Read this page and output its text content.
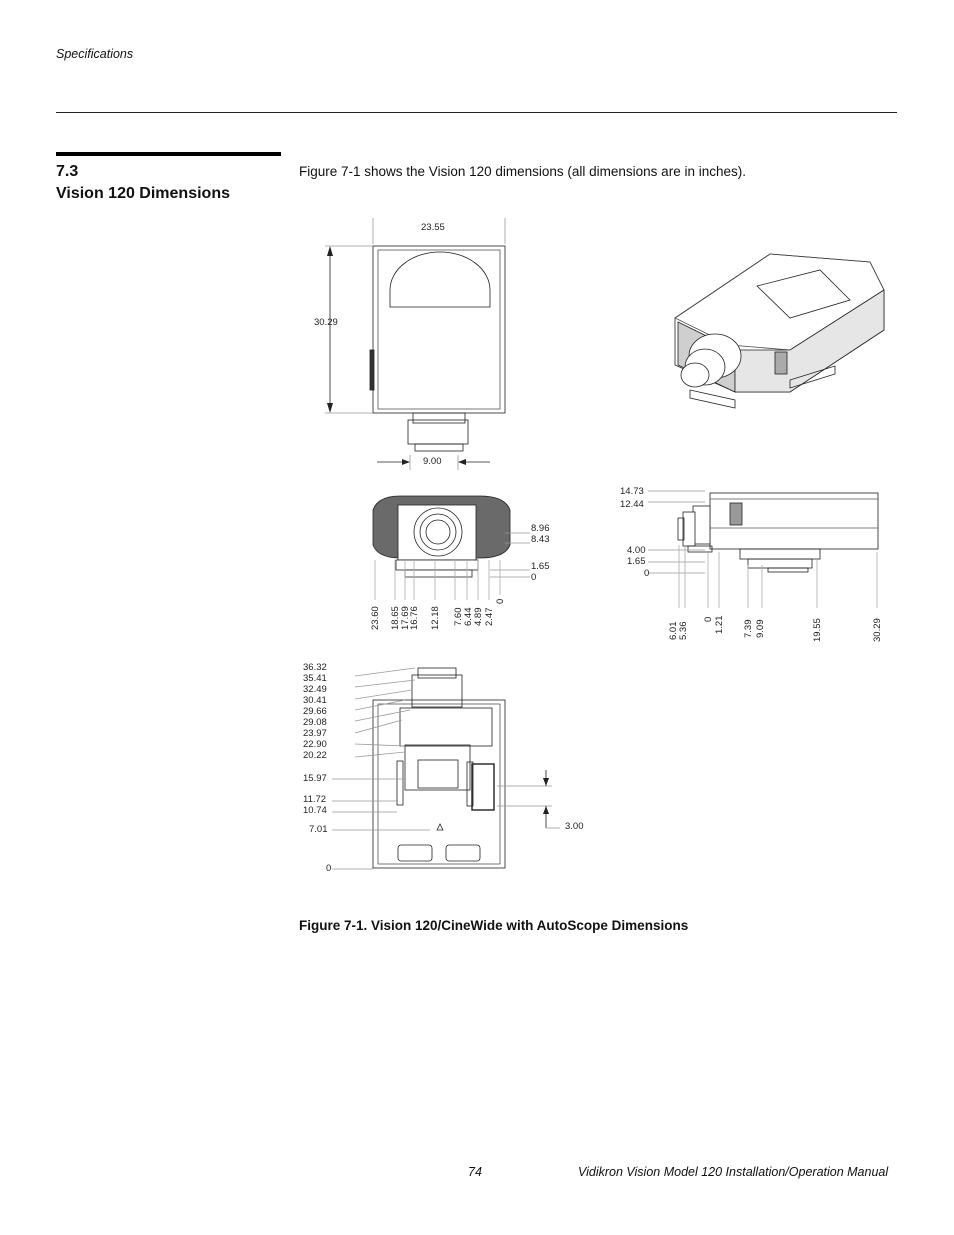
Specifications
7.3
Vision 120 Dimensions
Figure 7-1 shows the Vision 120 dimensions (all dimensions are in inches).
23.55
30.29
9.00
8.96
8.43
1.65
0
23.60 18.65 17.69
16.76 12.18 7.60 6.44 4.89 2.47
0
14.73
12.44
4.00
1.65
0
6.01 5.36
0 1.21 7.39 9.09	19.55	30.29
36.32
35.41
32.49
30.41
29.66
29.08
23.97
22.90
20.22
15.97
11.72
10.74
7.01
0
3.00
Figure 7-1. Vision 120/CineWide with AutoScope Dimensions
74	Vidikron Vision Model 120 Installation/Operation Manual
